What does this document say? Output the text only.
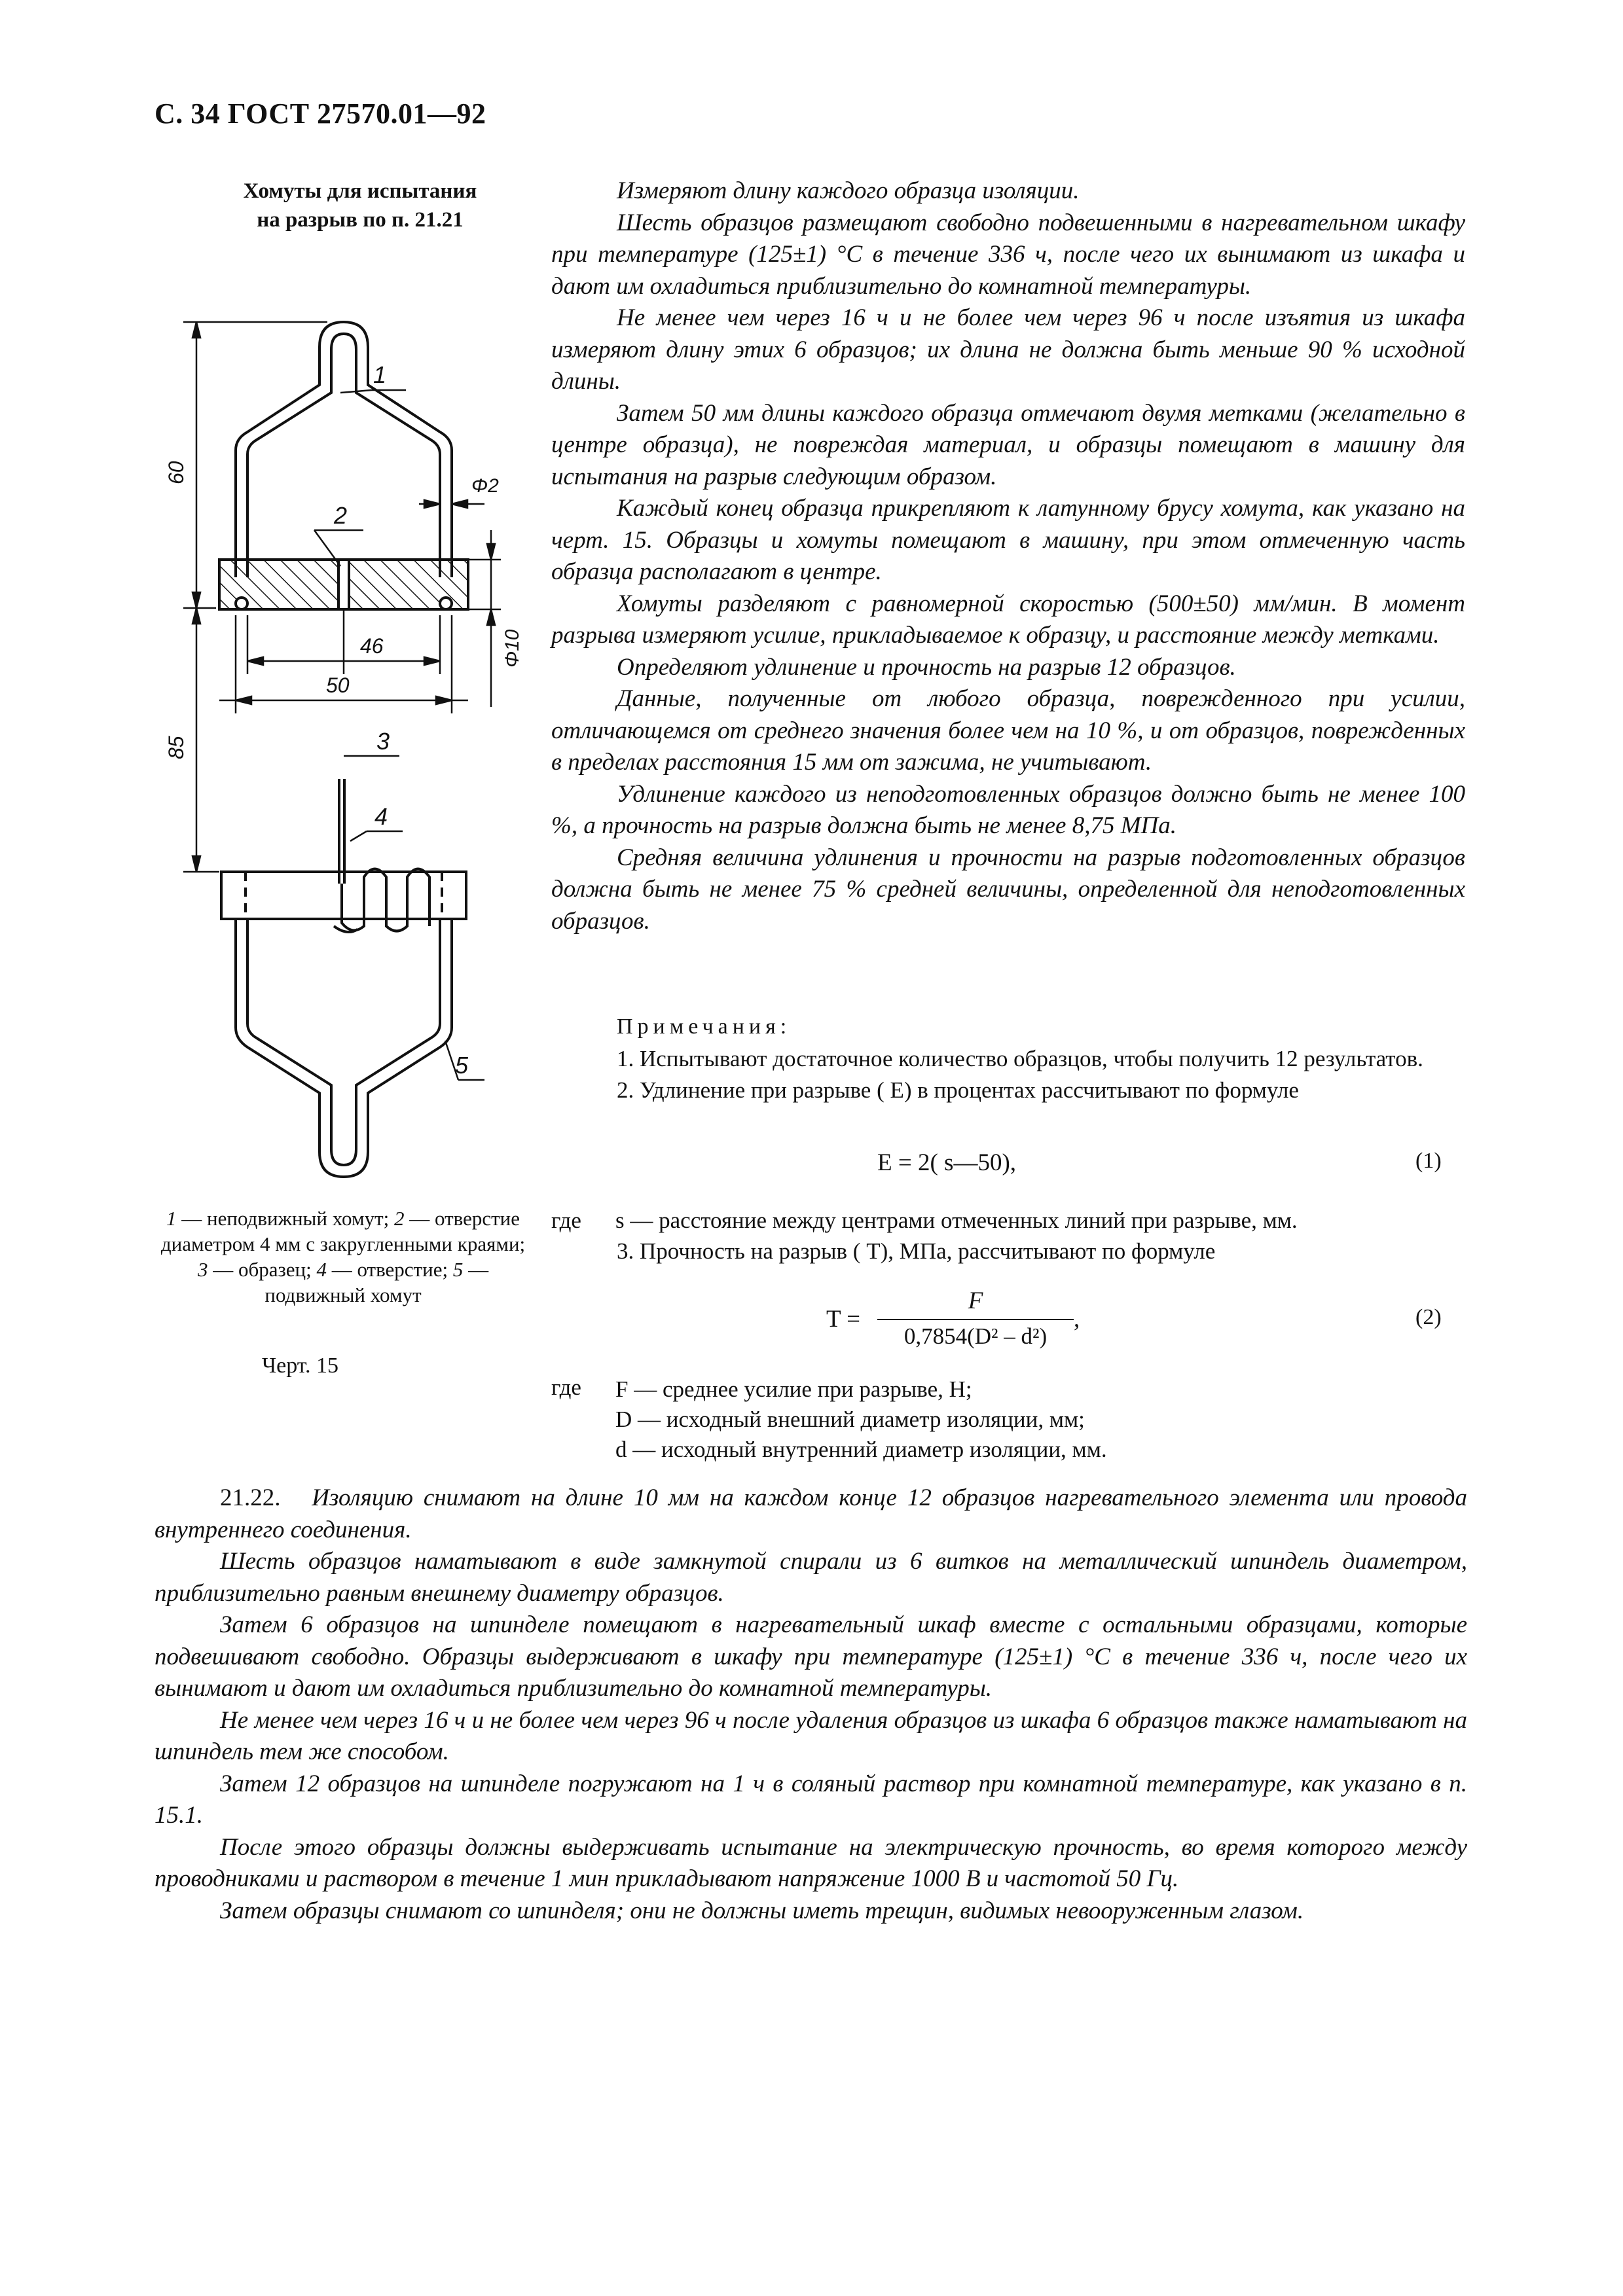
С. 34 ГОСТ 27570.01—92
Хомуты для испытания
на разрыв по п. 21.21
1
2
3
4
5
Φ2
46
50
60
85
Φ10
1 — неподвижный хомут; 2 — отверстие диаметром 4 мм с закругленными краями; 3 — образец; 4 — отверстие; 5 — подвижный хомут
Черт. 15

Измеряют длину каждого образца изоляции.

Шесть образцов размещают свободно подвешенными в нагревательном шкафу при температуре (125±1) °С в течение 336 ч, после чего их вынимают из шкафа и дают им охладиться приблизительно до комнатной температуры.

Не менее чем через 16 ч и не более чем через 96 ч после изъятия из шкафа измеряют длину этих 6 образцов; их длина не должна быть меньше 90 % исходной длины.

Затем 50 мм длины каждого образца отмечают двумя метками (желательно в центре образца), не повреждая материал, и образцы помещают в машину для испытания на разрыв следующим образом.

Каждый конец образца прикрепляют к латунному брусу хомута, как указано на черт. 15. Образцы и хомуты помещают в машину, при этом отмеченную часть образца располагают в центре.

Хомуты разделяют с равномерной скоростью (500±50) мм/мин. В момент разрыва измеряют усилие, прикладываемое к образцу, и расстояние между метками.

Определяют удлинение и прочность на разрыв 12 образцов.

Данные, полученные от любого образца, поврежденного при усилии, отличающемся от среднего значения более чем на 10 %, и от образцов, поврежденных в пределах расстояния 15 мм от зажима, не учитывают.

Удлинение каждого из неподготовленных образцов должно быть не менее 100 %, а прочность на разрыв должна быть не менее 8,75 МПа.

Средняя величина удлинения и прочности на разрыв подготовленных образцов должна быть не менее 75 % средней величины, определенной для неподготовленных образцов.

Примечания:

1. Испытывают достаточное количество образцов, чтобы получить 12 результатов.

2. Удлинение при разрыве ( E) в процентах рассчитывают по формуле

E = 2( s—50),	(1)
где s — расстояние между центрами отмеченных линий при разрыве, мм.
3. Прочность на разрыв ( T), МПа, рассчитывают по формуле
T =
F
0,7854(D² – d²)
,	(2)
где F — среднее усилие при разрыве, Н;
D — исходный внешний диаметр изоляции, мм;
d — исходный внутренний диаметр изоляции, мм.

21.22. Изоляцию снимают на длине 10 мм на каждом конце 12 образцов нагревательного элемента или провода внутреннего соединения.

Шесть образцов наматывают в виде замкнутой спирали из 6 витков на металлический шпиндель диаметром, приблизительно равным внешнему диаметру образцов.

Затем 6 образцов на шпинделе помещают в нагревательный шкаф вместе с остальными образцами, которые подвешивают свободно. Образцы выдерживают в шкафу при температуре (125±1) °С в течение 336 ч, после чего их вынимают и дают им охладиться приблизительно до комнатной температуры.

Не менее чем через 16 ч и не более чем через 96 ч после удаления образцов из шкафа 6 образцов также наматывают на шпиндель тем же способом.

Затем 12 образцов на шпинделе погружают на 1 ч в соляный раствор при комнатной температуре, как указано в п. 15.1.

После этого образцы должны выдерживать испытание на электрическую прочность, во время которого между проводниками и раствором в течение 1 мин прикладывают напряжение 1000 В и частотой 50 Гц.

Затем образцы снимают со шпинделя; они не должны иметь трещин, видимых невооруженным глазом.
